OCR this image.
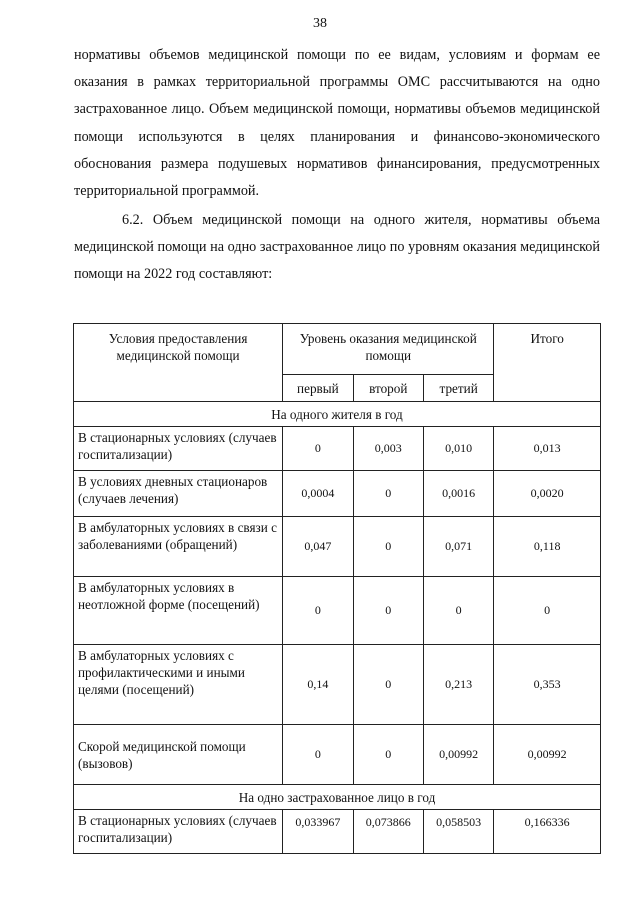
38

нормативы объемов медицинской помощи по ее видам, условиям и формам ее оказания в рамках территориальной программы ОМС рассчитываются на одно застрахованное лицо. Объем медицинской помощи, нормативы объемов медицинской помощи используются в целях планирования и финансово-экономического обоснования размера подушевых нормативов финансирования, предусмотренных территориальной программой.

6.2. Объем медицинской помощи на одного жителя, нормативы объема медицинской помощи на одно застрахованное лицо по уровням оказания медицинской помощи на 2022 год составляют:

Условия предоставления медицинской помощи	Уровень оказания медицинской помощи			Итого
	первый	второй	третий	
На одного жителя в год				
В стационарных условиях (случаев госпитализации)	0	0,003	0,010	0,013
В условиях дневных стационаров (случаев лечения)	0,0004	0	0,0016	0,0020
В амбулаторных условиях в связи с заболеваниями (обращений)	0,047	0	0,071	0,118
В амбулаторных условиях в неотложной форме (посещений)	0	0	0	0
В амбулаторных условиях с профилактическими и иными целями (посещений)	0,14	0	0,213	0,353
Скорой медицинской помощи (вызовов)	0	0	0,00992	0,00992
На одно застрахованное лицо в год				
В стационарных условиях (случаев госпитализации)	0,033967	0,073866	0,058503	0,166336
